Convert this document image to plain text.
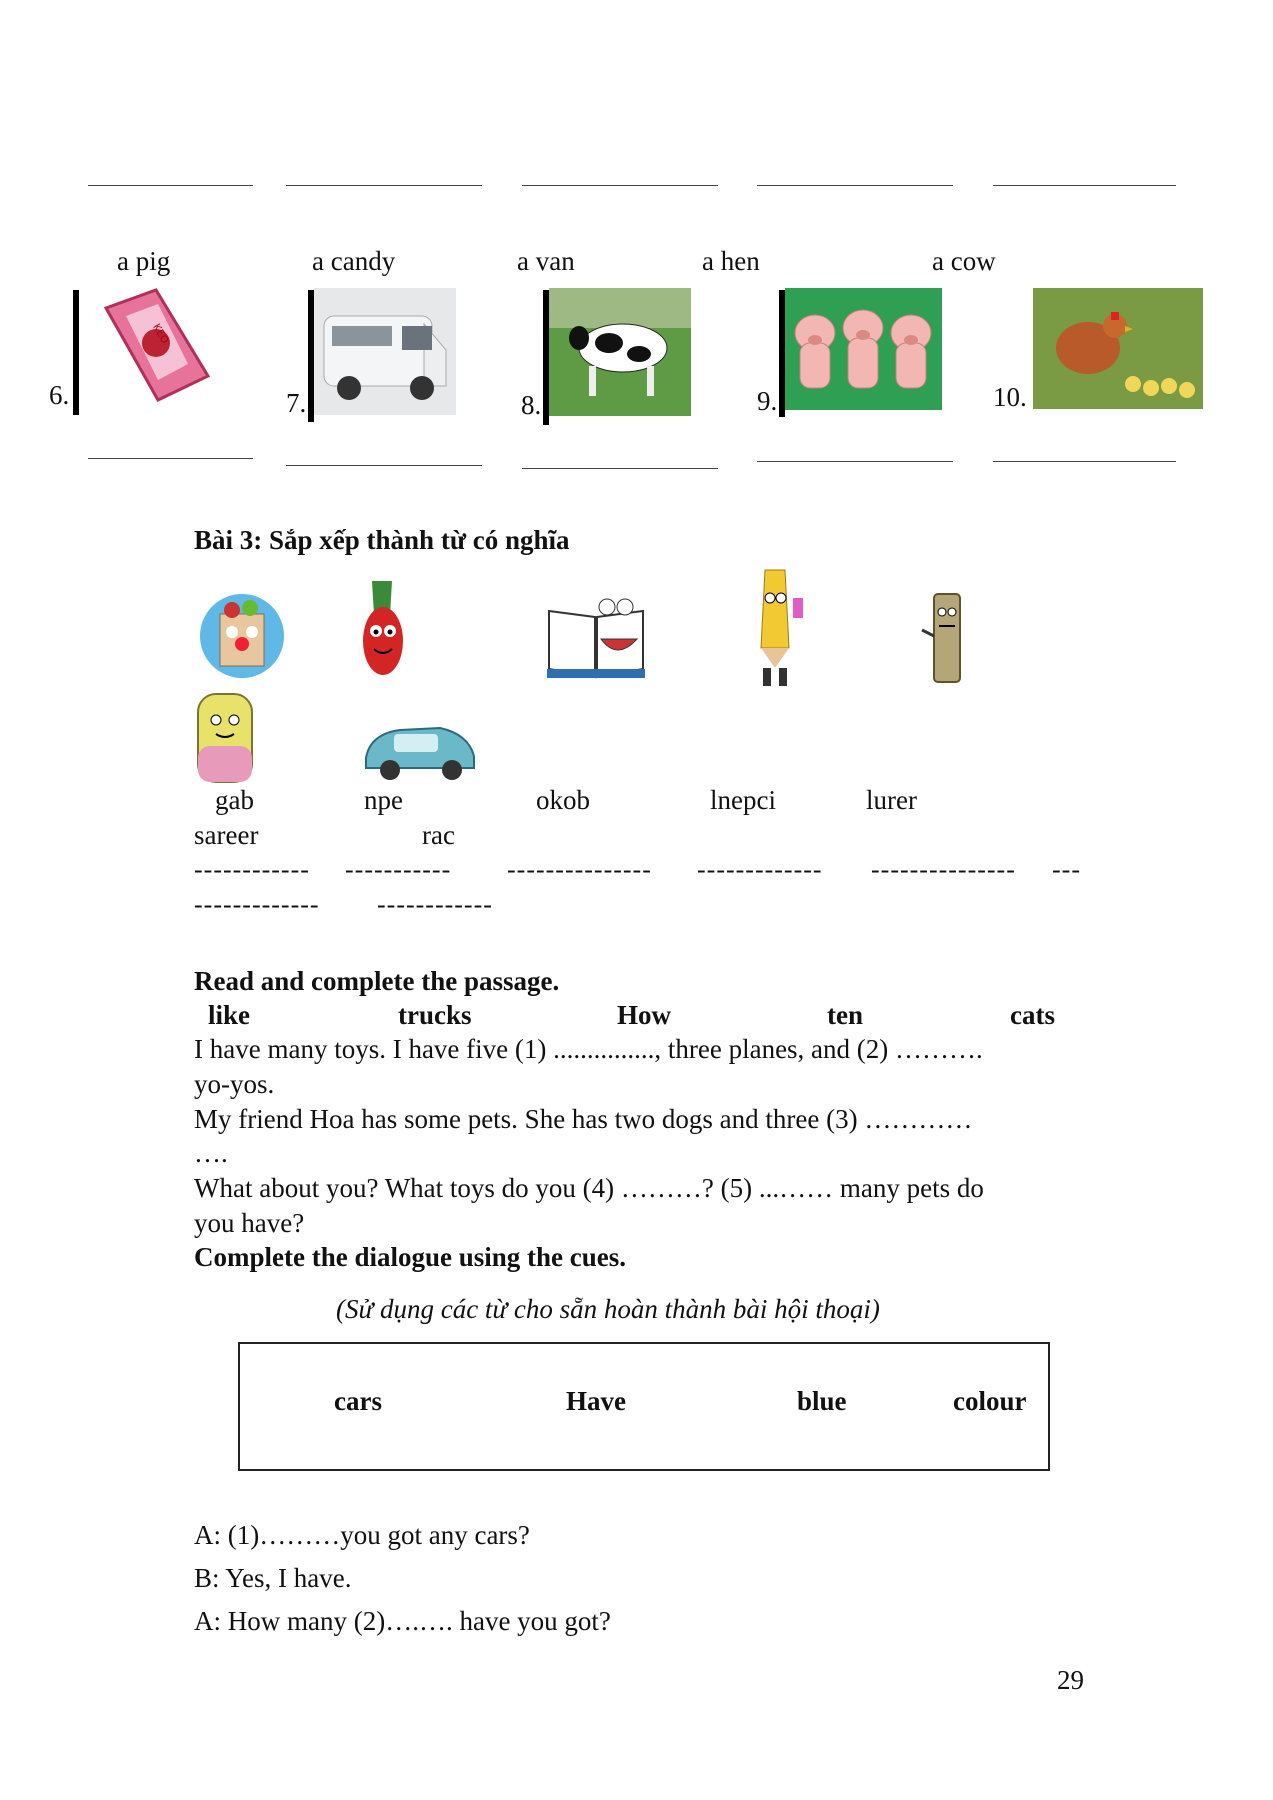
a pig	a candy	a van	a hen	a cow
6.	7.	8.	9.	10.
KEO
Bài 3: Sắp xếp thành từ có nghĩa
gab	npe	okob	lnepci	lurer
sareer	rac
------------ ----------- --------------- ------------- --------------- ---
------------- ------------
Read and complete the passage.
like	trucks	How	ten	cats
I have many toys. I have five (1) ..............., three planes, and (2) ……….
yo-yos.
My friend Hoa has some pets. She has two dogs and three (3) …………
….
What about you? What toys do you (4) ………? (5) ...…… many pets do
you have?
Complete the dialogue using the cues.
(Sử dụng các từ cho sẵn hoàn thành bài hội thoại)
cars	Have	blue	colour
A: (1)………you got any cars?
B: Yes, I have.
A: How many (2)….…. have you got?
29
